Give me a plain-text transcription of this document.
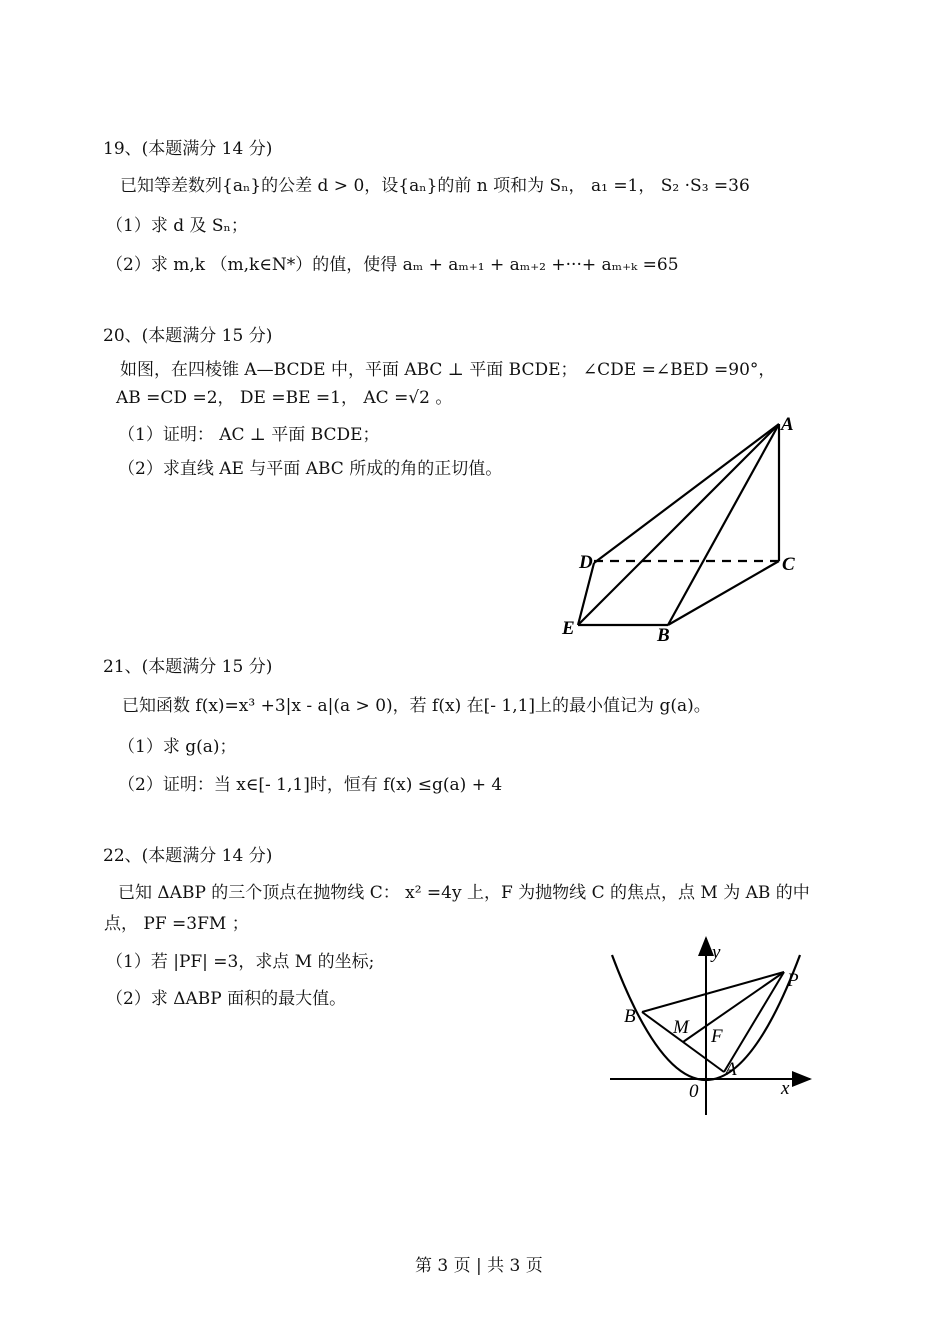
19、(本题满分 14 分)
已知等差数列{aₙ}的公差 d > 0，设{aₙ}的前 n 项和为 Sₙ， a₁ =1， S₂ ·S₃ =36
（1）求 d 及 Sₙ；
（2）求 m,k （m,k∈N*）的值，使得 aₘ + aₘ₊₁ + aₘ₊₂ +···+ aₘ₊ₖ =65
20、(本题满分 15 分)
如图，在四棱锥 A—BCDE 中，平面 ABC ⊥ 平面 BCDE； ∠CDE =∠BED =90°，
AB =CD =2， DE =BE =1， AC =√2 。
（1）证明： AC ⊥ 平面 BCDE；
（2）求直线 AE 与平面 ABC 所成的角的正切值。
A
D	C
E	B
21、(本题满分 15 分)
已知函数 f(x)=x³ +3|x - a|(a > 0)，若 f(x) 在[- 1,1]上的最小值记为 g(a)。
（1）求 g(a)；
（2）证明：当 x∈[- 1,1]时，恒有 f(x) ≤g(a) + 4
22、(本题满分 14 分)
已知 ΔABP 的三个顶点在抛物线 C： x² =4y 上，F 为抛物线 C 的焦点，点 M 为 AB 的中
点， PF =3FM ；
（1）若 |PF| =3，求点 M 的坐标;
（2）求 ΔABP 面积的最大值。
y
x
0
P
B
M F
A
第 3 页 | 共 3 页
